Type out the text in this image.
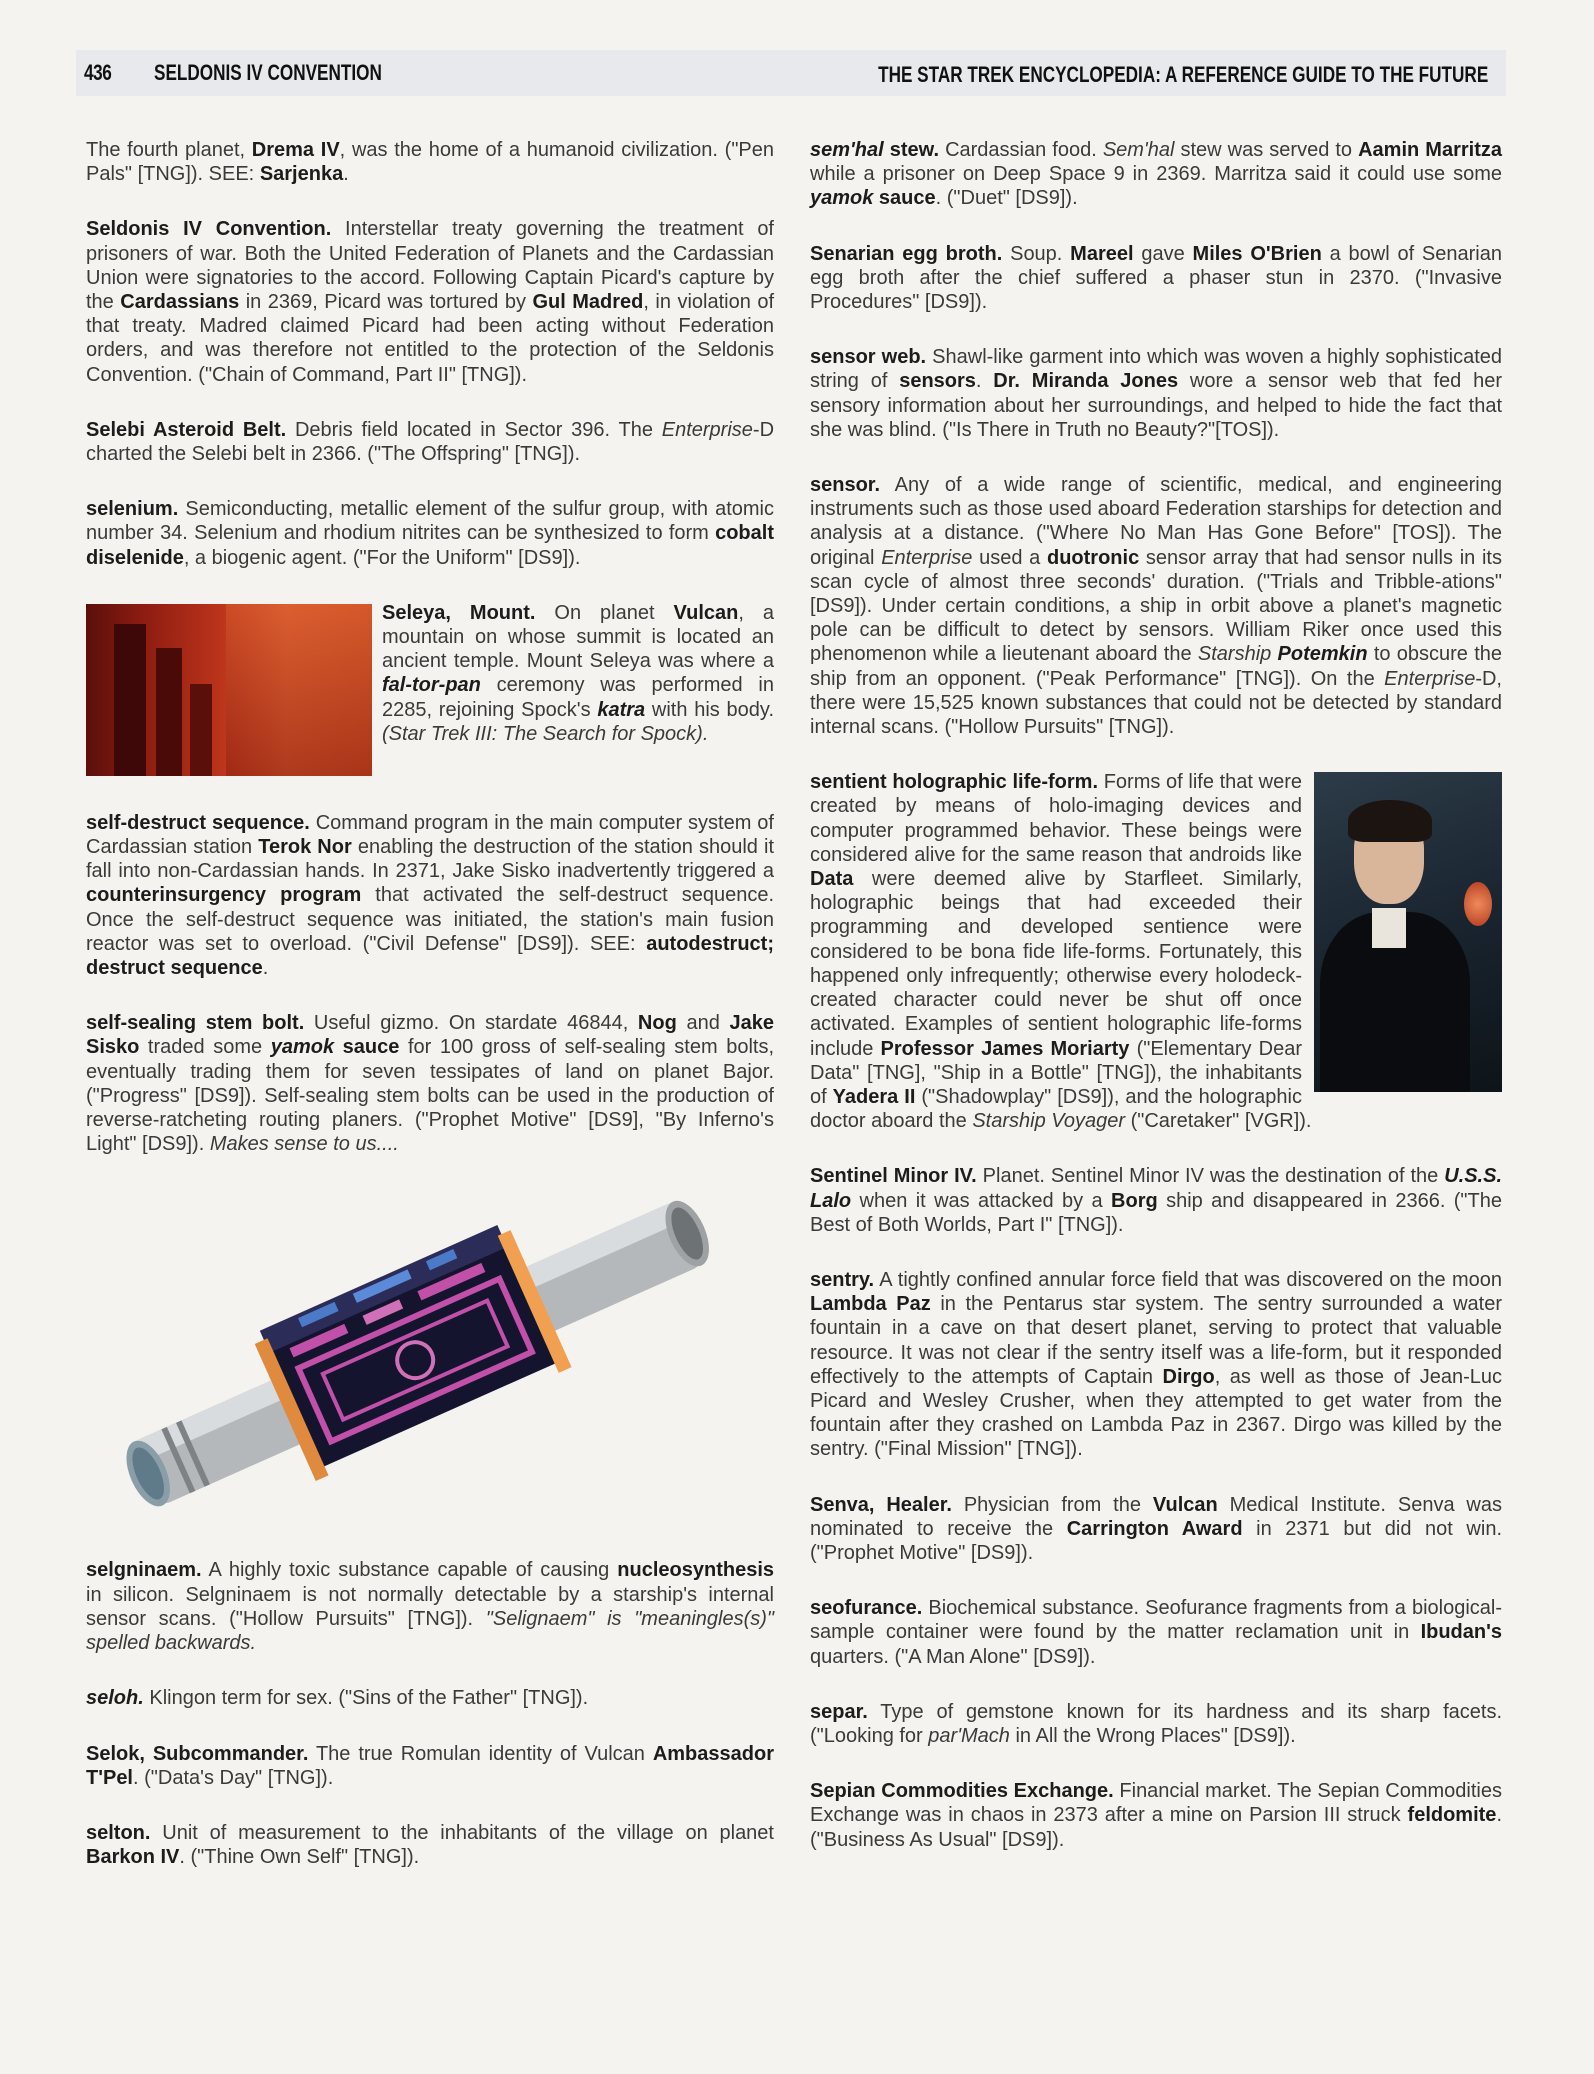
436 SELDONIS IV CONVENTION	THE STAR TREK ENCYCLOPEDIA: A REFERENCE GUIDE TO THE FUTURE

The fourth planet, Drema IV, was the home of a humanoid civilization. ("Pen Pals" [TNG]). SEE: Sarjenka.

Seldonis IV Convention. Interstellar treaty governing the treatment of prisoners of war. Both the United Federation of Planets and the Cardassian Union were signatories to the accord. Following Captain Picard's capture by the Cardassians in 2369, Picard was tortured by Gul Madred, in violation of that treaty. Madred claimed Picard had been acting without Federation orders, and was therefore not entitled to the protection of the Seldonis Convention. ("Chain of Command, Part II" [TNG]).

Selebi Asteroid Belt. Debris field located in Sector 396. The Enterprise-D charted the Selebi belt in 2366. ("The Offspring" [TNG]).

selenium. Semiconducting, metallic element of the sulfur group, with atomic number 34. Selenium and rhodium nitrites can be synthesized to form cobalt diselenide, a biogenic agent. ("For the Uniform" [DS9]).

Seleya, Mount. On planet Vulcan, a mountain on whose summit is located an ancient temple. Mount Seleya was where a fal-tor-pan ceremony was performed in 2285, rejoining Spock's katra with his body. (Star Trek III: The Search for Spock).

self-destruct sequence. Command program in the main computer system of Cardassian station Terok Nor enabling the destruction of the station should it fall into non-Cardassian hands. In 2371, Jake Sisko inadvertently triggered a counterinsurgency program that activated the self-destruct sequence. Once the self-destruct sequence was initiated, the station's main fusion reactor was set to overload. ("Civil Defense" [DS9]). SEE: autodestruct; destruct sequence.

self-sealing stem bolt. Useful gizmo. On stardate 46844, Nog and Jake Sisko traded some yamok sauce for 100 gross of self-sealing stem bolts, eventually trading them for seven tessipates of land on planet Bajor. ("Progress" [DS9]). Self-sealing stem bolts can be used in the production of reverse-ratcheting routing planers. ("Prophet Motive" [DS9], "By Inferno's Light" [DS9]). Makes sense to us....

selgninaem. A highly toxic substance capable of causing nucleosynthesis in silicon. Selgninaem is not normally detectable by a starship's internal sensor scans. ("Hollow Pursuits" [TNG]). "Selignaem" is "meaningles(s)" spelled backwards.

seloh. Klingon term for sex. ("Sins of the Father" [TNG]).

Selok, Subcommander. The true Romulan identity of Vulcan Ambassador T'Pel. ("Data's Day" [TNG]).

selton. Unit of measurement to the inhabitants of the village on planet Barkon IV. ("Thine Own Self" [TNG]).

sem'hal stew. Cardassian food. Sem'hal stew was served to Aamin Marritza while a prisoner on Deep Space 9 in 2369. Marritza said it could use some yamok sauce. ("Duet" [DS9]).

Senarian egg broth. Soup. Mareel gave Miles O'Brien a bowl of Senarian egg broth after the chief suffered a phaser stun in 2370. ("Invasive Procedures" [DS9]).

sensor web. Shawl-like garment into which was woven a highly sophisticated string of sensors. Dr. Miranda Jones wore a sensor web that fed her sensory information about her surroundings, and helped to hide the fact that she was blind. ("Is There in Truth no Beauty?"[TOS]).

sensor. Any of a wide range of scientific, medical, and engineering instruments such as those used aboard Federation starships for detection and analysis at a distance. ("Where No Man Has Gone Before" [TOS]). The original Enterprise used a duotronic sensor array that had sensor nulls in its scan cycle of almost three seconds' duration. ("Trials and Tribble-ations" [DS9]). Under certain conditions, a ship in orbit above a planet's magnetic pole can be difficult to detect by sensors. William Riker once used this phenomenon while a lieutenant aboard the Starship Potemkin to obscure the ship from an opponent. ("Peak Performance" [TNG]). On the Enterprise-D, there were 15,525 known substances that could not be detected by standard internal scans. ("Hollow Pursuits" [TNG]).

sentient holographic life-form. Forms of life that were created by means of holo-imaging devices and computer programmed behavior. These beings were considered alive for the same reason that androids like Data were deemed alive by Starfleet. Similarly, holographic beings that had exceeded their programming and developed sentience were considered to be bona fide life-forms. Fortunately, this happened only infrequently; otherwise every holodeck-created character could never be shut off once activated. Examples of sentient holographic life-forms include Professor James Moriarty ("Elementary Dear Data" [TNG], "Ship in a Bottle" [TNG]), the inhabitants of Yadera II ("Shadowplay" [DS9]), and the holographic doctor aboard the Starship Voyager ("Caretaker" [VGR]).

Sentinel Minor IV. Planet. Sentinel Minor IV was the destination of the U.S.S. Lalo when it was attacked by a Borg ship and disappeared in 2366. ("The Best of Both Worlds, Part I" [TNG]).

sentry. A tightly confined annular force field that was discovered on the moon Lambda Paz in the Pentarus star system. The sentry surrounded a water fountain in a cave on that desert planet, serving to protect that valuable resource. It was not clear if the sentry itself was a life-form, but it responded effectively to the attempts of Captain Dirgo, as well as those of Jean-Luc Picard and Wesley Crusher, when they attempted to get water from the fountain after they crashed on Lambda Paz in 2367. Dirgo was killed by the sentry. ("Final Mission" [TNG]).

Senva, Healer. Physician from the Vulcan Medical Institute. Senva was nominated to receive the Carrington Award in 2371 but did not win. ("Prophet Motive" [DS9]).

seofurance. Biochemical substance. Seofurance fragments from a biological-sample container were found by the matter reclamation unit in Ibudan's quarters. ("A Man Alone" [DS9]).

separ. Type of gemstone known for its hardness and its sharp facets. ("Looking for par'Mach in All the Wrong Places" [DS9]).

Sepian Commodities Exchange. Financial market. The Sepian Commodities Exchange was in chaos in 2373 after a mine on Parsion III struck feldomite. ("Business As Usual" [DS9]).
